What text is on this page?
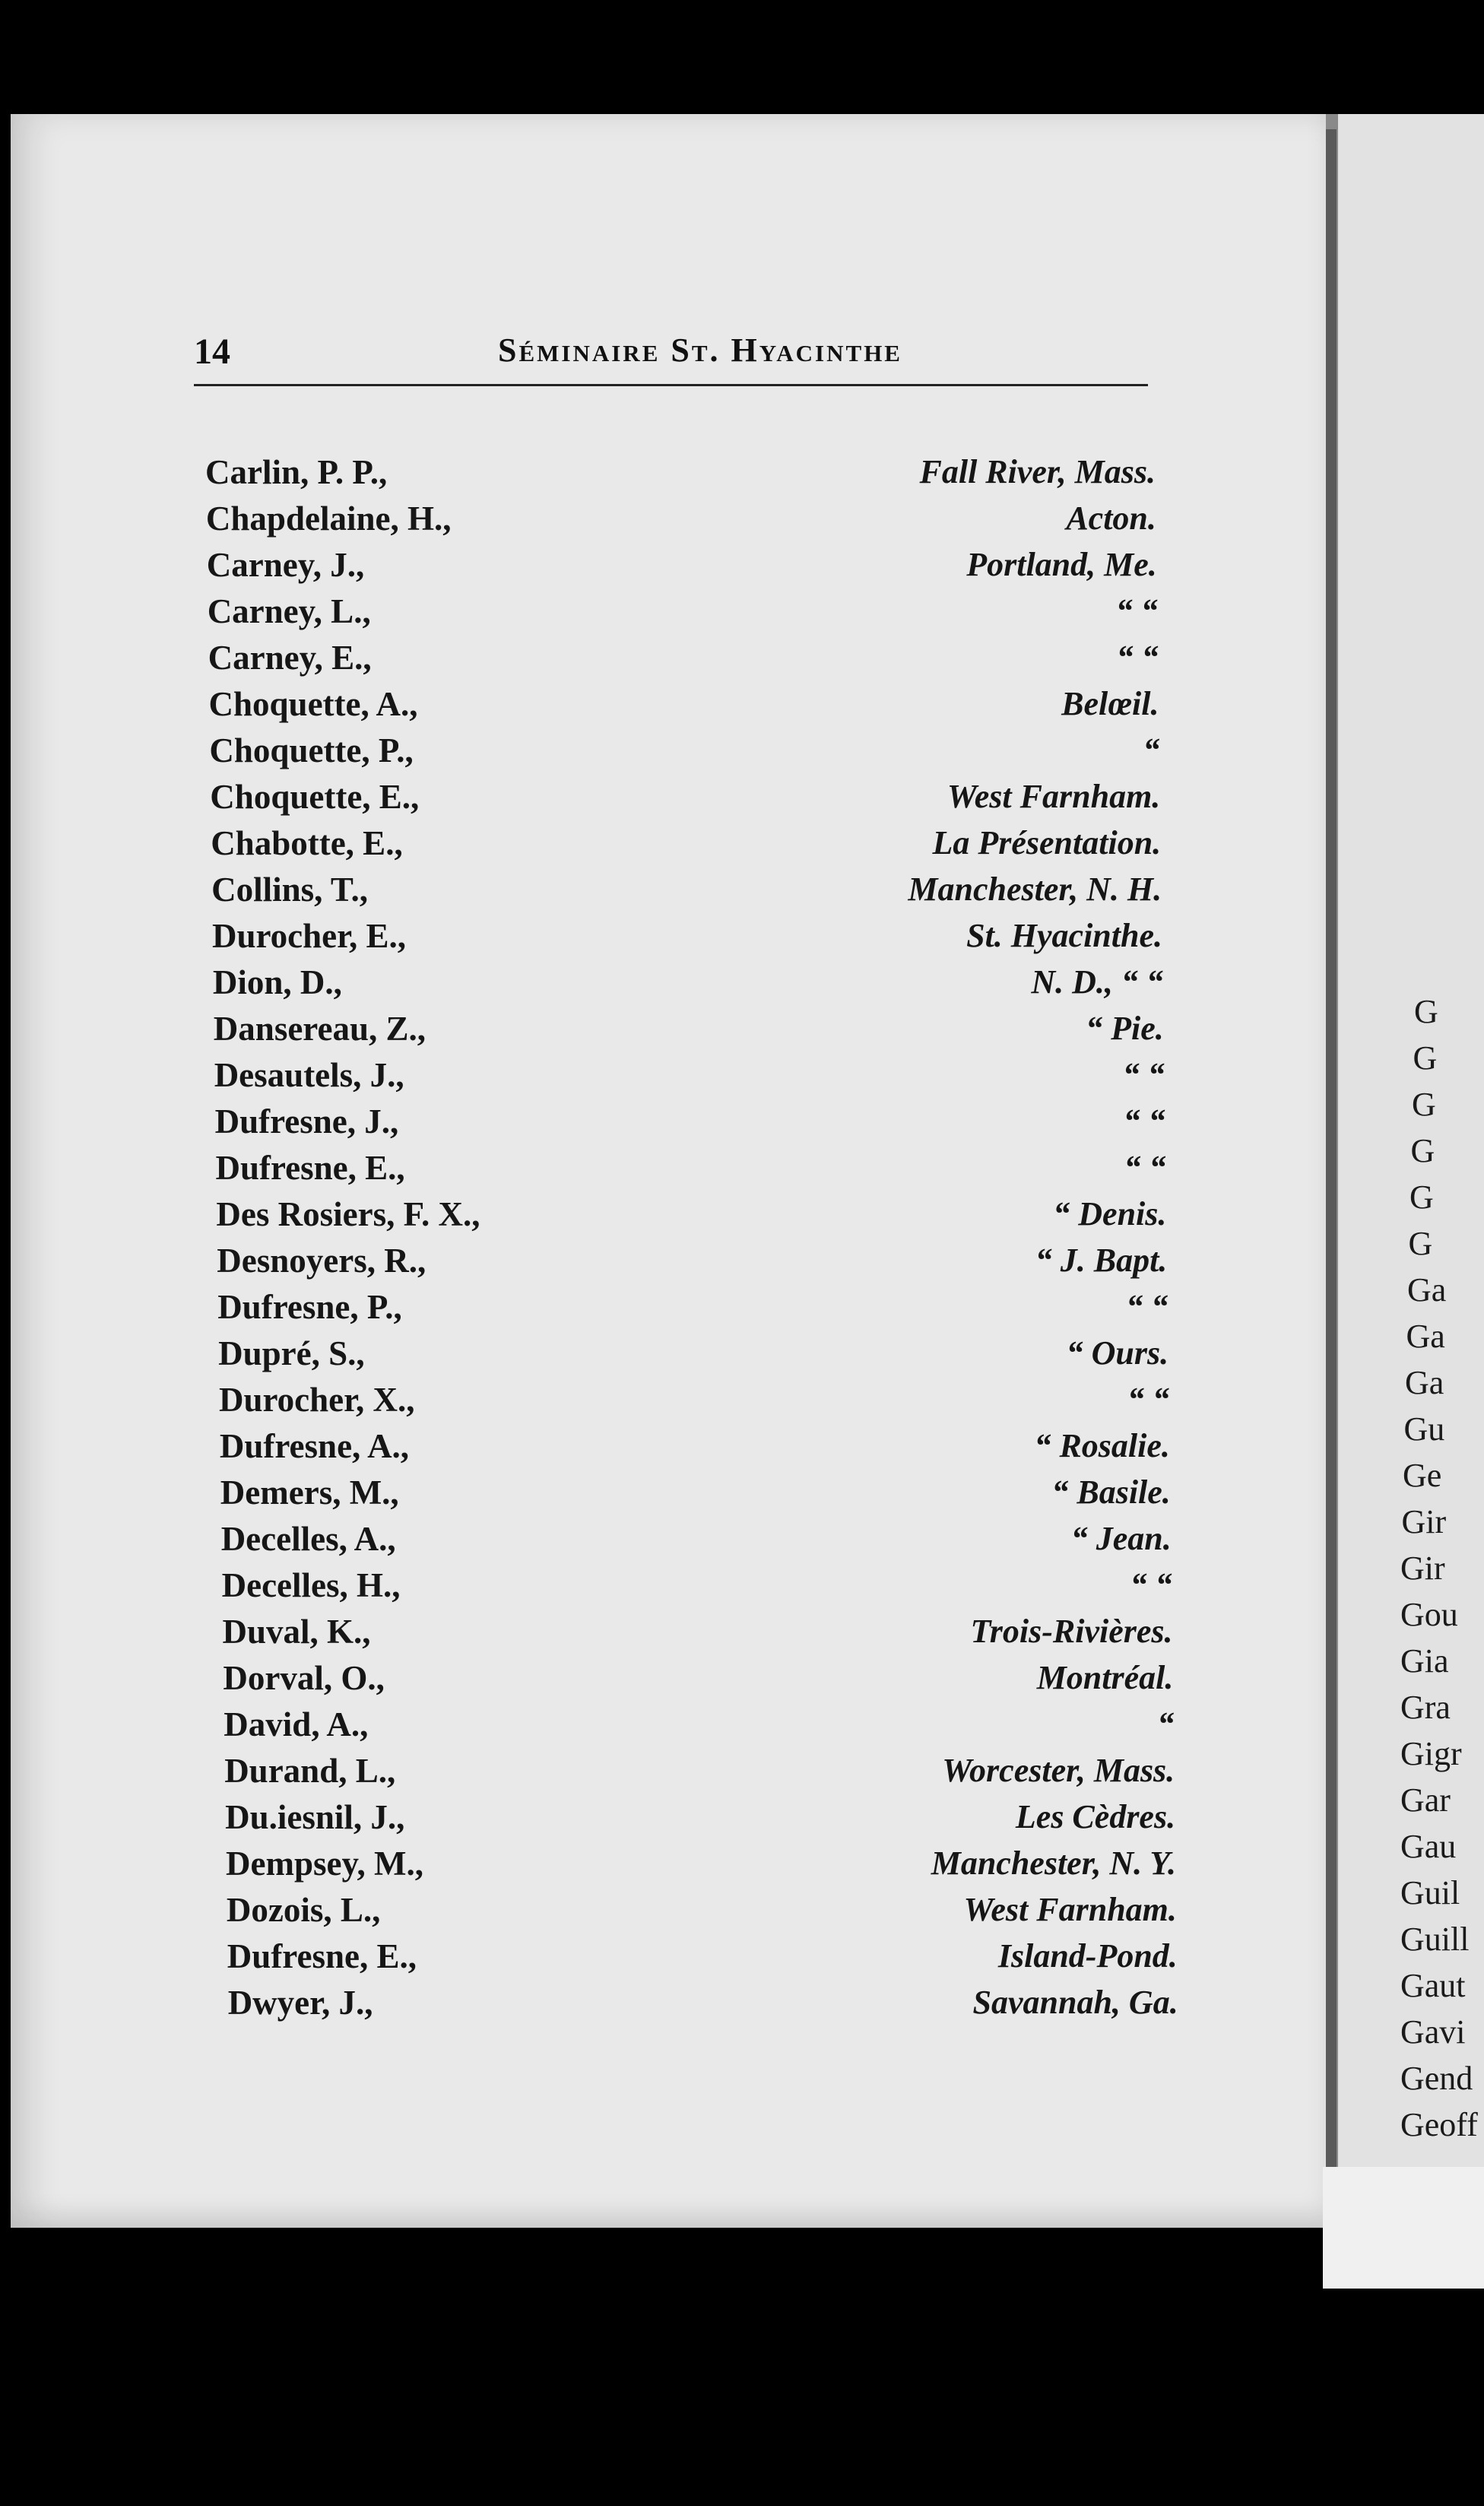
G
G
G
G
G
G
Ga
Ga
Ga
Gu
Ge
Gir
Gir
Gou
Gia
Gra
Gigr
Gar
Gau
Guil
Guill
Gaut
Gavi
Gend
Geoff
14	Séminaire St. Hyacinthe
Carlin, P. P.,	Fall River, Mass.
Chapdelaine, H.,	Acton.
Carney, J.,	Portland, Me.
Carney, L.,	“ “
Carney, E.,	“ “
Choquette, A.,	Belœil.
Choquette, P.,	“
Choquette, E.,	West Farnham.
Chabotte, E.,	La Présentation.
Collins, T.,	Manchester, N. H.
Durocher, E.,	St. Hyacinthe.
Dion, D.,	N. D., “ “
Dansereau, Z.,	“ Pie.
Desautels, J.,	“ “
Dufresne, J.,	“ “
Dufresne, E.,	“ “
Des Rosiers, F. X.,	“ Denis.
Desnoyers, R.,	“ J. Bapt.
Dufresne, P.,	“ “
Dupré, S.,	“ Ours.
Durocher, X.,	“ “
Dufresne, A.,	“ Rosalie.
Demers, M.,	“ Basile.
Decelles, A.,	“ Jean.
Decelles, H.,	“ “
Duval, K.,	Trois-Rivières.
Dorval, O.,	Montréal.
David, A.,	“
Durand, L.,	Worcester, Mass.
Du.iesnil, J.,	Les Cèdres.
Dempsey, M.,	Manchester, N. Y.
Dozois, L.,	West Farnham.
Dufresne, E.,	Island-Pond.
Dwyer, J.,	Savannah, Ga.
